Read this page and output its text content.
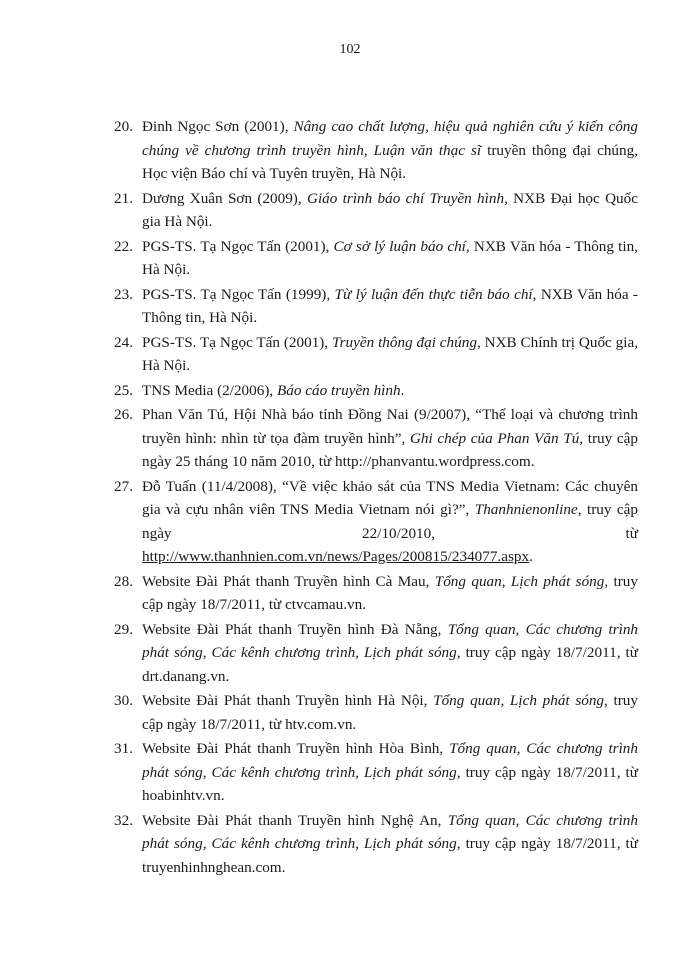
102
20. Đinh Ngọc Sơn (2001), Nâng cao chất lượng, hiệu quả nghiên cứu ý kiến công chúng về chương trình truyền hình, Luận văn thạc sĩ truyền thông đại chúng, Học viện Báo chí và Tuyên truyền, Hà Nội.

21. Dương Xuân Sơn (2009), Giáo trình báo chí Truyền hình, NXB Đại học Quốc gia Hà Nội.

22. PGS-TS. Tạ Ngọc Tấn (2001), Cơ sở lý luận báo chí, NXB Văn hóa - Thông tin, Hà Nội.

23. PGS-TS. Tạ Ngọc Tấn (1999), Từ lý luận đến thực tiễn báo chí, NXB Văn hóa - Thông tin, Hà Nội.

24. PGS-TS. Tạ Ngọc Tấn (2001), Truyền thông đại chúng, NXB Chính trị Quốc gia, Hà Nội.

25. TNS Media (2/2006), Báo cáo truyền hình.

26. Phan Văn Tú, Hội Nhà báo tỉnh Đồng Nai (9/2007), “Thể loại và chương trình truyền hình: nhìn từ tọa đàm truyền hình”, Ghi chép của Phan Văn Tú, truy cập ngày 25 tháng 10 năm 2010, từ http://phanvantu.wordpress.com.

27. Đỗ Tuấn (11/4/2008), “Về việc khảo sát của TNS Media Vietnam: Các chuyên gia và cựu nhân viên TNS Media Vietnam nói gì?”, Thanhnienonline, truy cập ngày 22/10/2010, từ http://www.thanhnien.com.vn/news/Pages/200815/234077.aspx.

28. Website Đài Phát thanh Truyền hình Cà Mau, Tổng quan, Lịch phát sóng, truy cập ngày 18/7/2011, từ ctvcamau.vn.

29. Website Đài Phát thanh Truyền hình Đà Nẵng, Tổng quan, Các chương trình phát sóng, Các kênh chương trình, Lịch phát sóng, truy cập ngày 18/7/2011, từ drt.danang.vn.

30. Website Đài Phát thanh Truyền hình Hà Nội, Tổng quan, Lịch phát sóng, truy cập ngày 18/7/2011, từ htv.com.vn.

31. Website Đài Phát thanh Truyền hình Hòa Bình, Tổng quan, Các chương trình phát sóng, Các kênh chương trình, Lịch phát sóng, truy cập ngày 18/7/2011, từ hoabinhtv.vn.

32. Website Đài Phát thanh Truyền hình Nghệ An, Tổng quan, Các chương trình phát sóng, Các kênh chương trình, Lịch phát sóng, truy cập ngày 18/7/2011, từ truyenhinhnghean.com.
